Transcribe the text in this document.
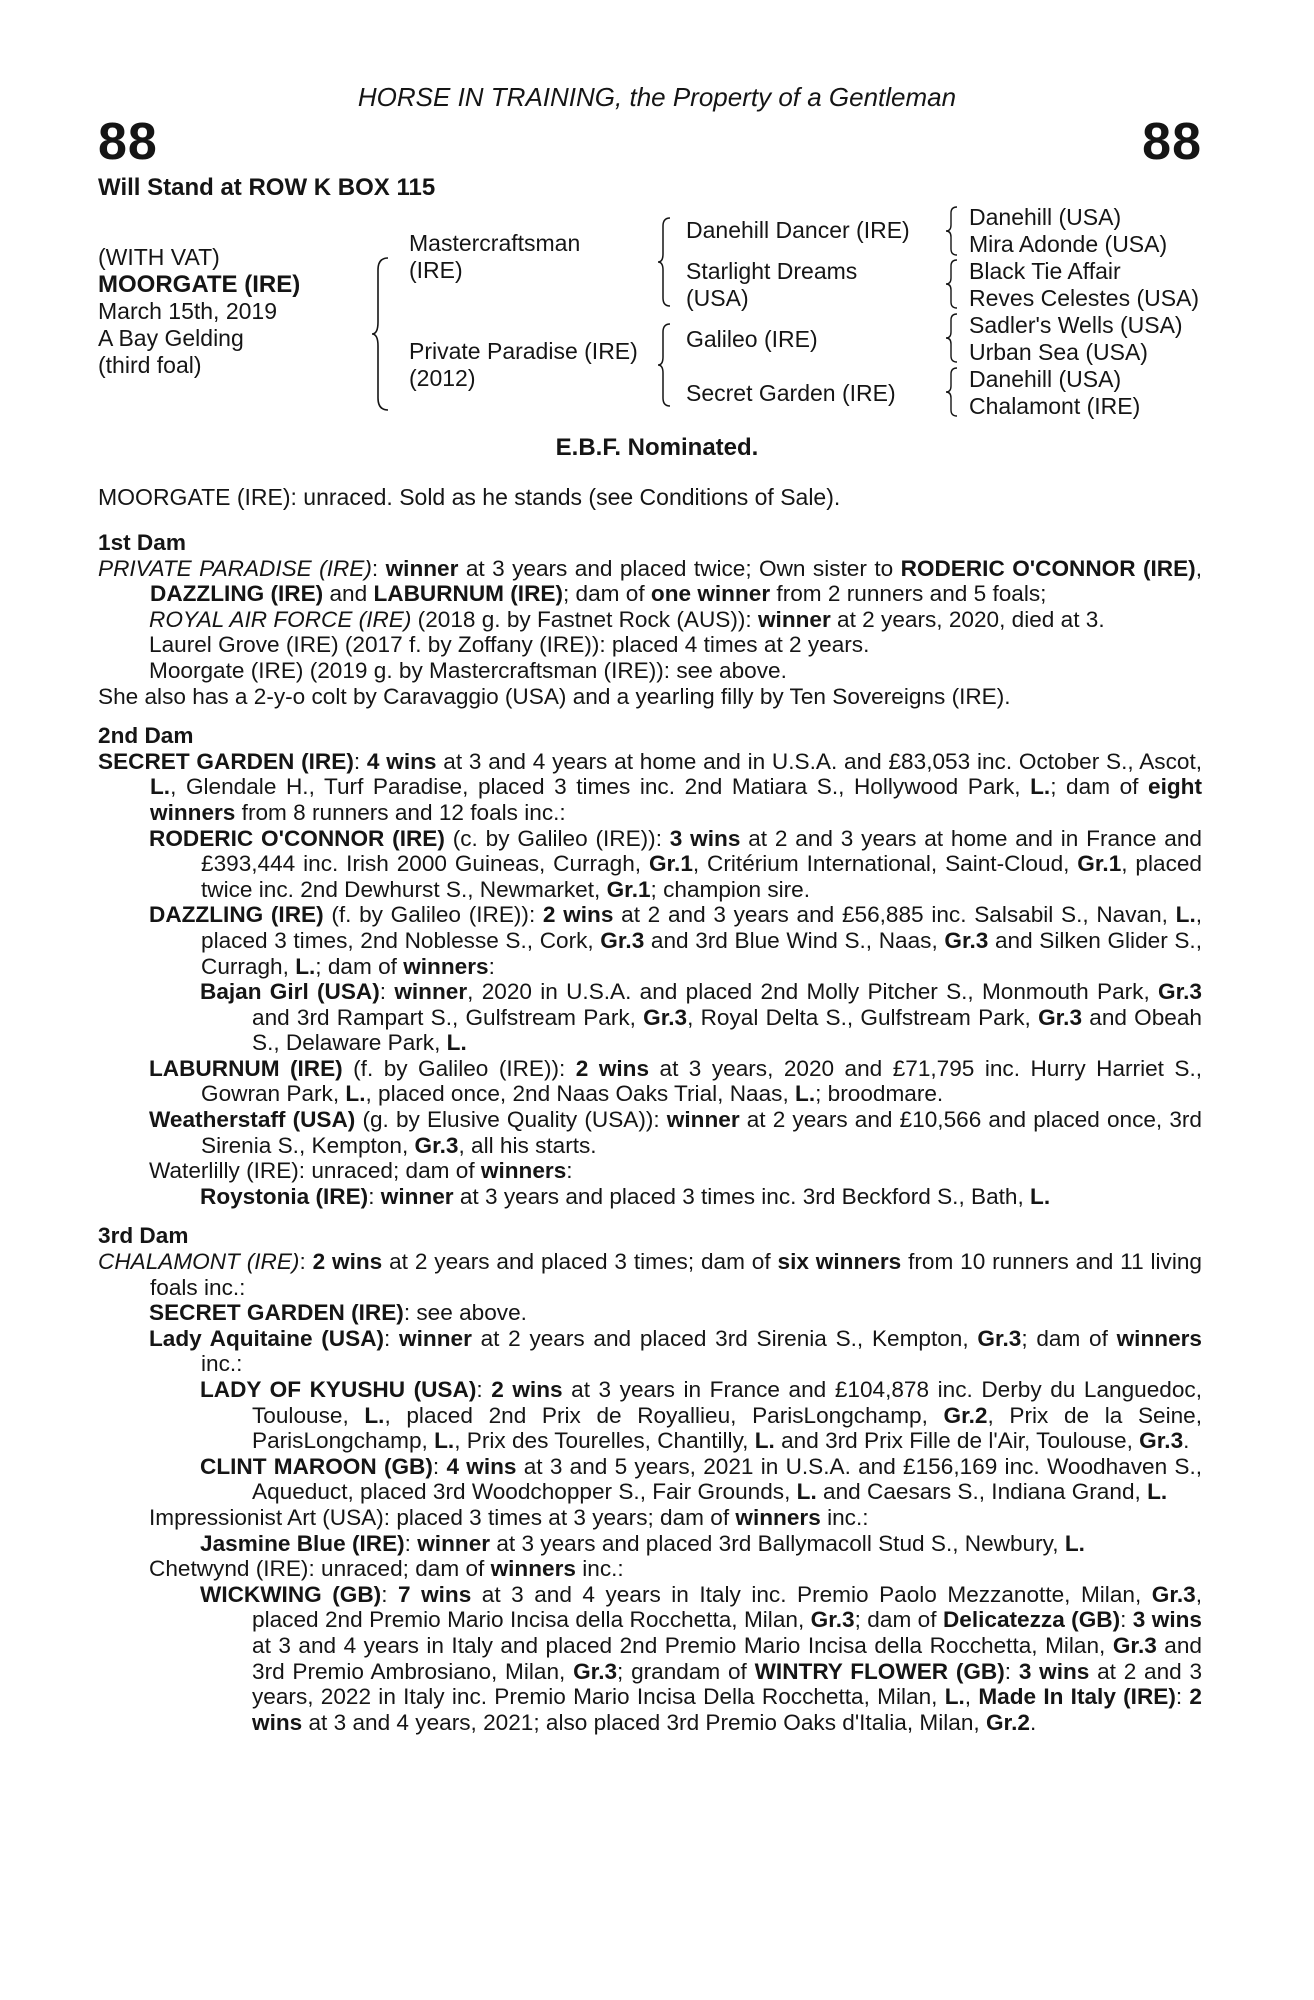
HORSE IN TRAINING, the Property of a Gentleman
88	88
Will Stand at ROW K BOX 115
(WITH VAT)
MOORGATE (IRE)
March 15th, 2019
A Bay Gelding
(third foal)
Mastercraftsman
(IRE)
Private Paradise (IRE)
(2012)
Danehill Dancer (IRE)
Starlight Dreams
(USA)
Galileo (IRE)
Secret Garden (IRE)
Danehill (USA)
Mira Adonde (USA)
Black Tie Affair
Reves Celestes (USA)
Sadler's Wells (USA)
Urban Sea (USA)
Danehill (USA)
Chalamont (IRE)
E.B.F. Nominated.
MOORGATE (IRE): unraced. Sold as he stands (see Conditions of Sale).

1st Dam

PRIVATE PARADISE (IRE): winner at 3 years and placed twice; Own sister to RODERIC O'CONNOR (IRE), DAZZLING (IRE) and LABURNUM (IRE); dam of one winner from 2 runners and 5 foals;

ROYAL AIR FORCE (IRE) (2018 g. by Fastnet Rock (AUS)): winner at 2 years, 2020, died at 3.

Laurel Grove (IRE) (2017 f. by Zoffany (IRE)): placed 4 times at 2 years.

Moorgate (IRE) (2019 g. by Mastercraftsman (IRE)): see above.

She also has a 2-y-o colt by Caravaggio (USA) and a yearling filly by Ten Sovereigns (IRE).

2nd Dam

SECRET GARDEN (IRE): 4 wins at 3 and 4 years at home and in U.S.A. and £83,053 inc. October S., Ascot, L., Glendale H., Turf Paradise, placed 3 times inc. 2nd Matiara S., Hollywood Park, L.; dam of eight winners from 8 runners and 12 foals inc.:

RODERIC O'CONNOR (IRE) (c. by Galileo (IRE)): 3 wins at 2 and 3 years at home and in France and £393,444 inc. Irish 2000 Guineas, Curragh, Gr.1, Critérium International, Saint-Cloud, Gr.1, placed twice inc. 2nd Dewhurst S., Newmarket, Gr.1; champion sire.

DAZZLING (IRE) (f. by Galileo (IRE)): 2 wins at 2 and 3 years and £56,885 inc. Salsabil S., Navan, L., placed 3 times, 2nd Noblesse S., Cork, Gr.3 and 3rd Blue Wind S., Naas, Gr.3 and Silken Glider S., Curragh, L.; dam of winners:

Bajan Girl (USA): winner, 2020 in U.S.A. and placed 2nd Molly Pitcher S., Monmouth Park, Gr.3 and 3rd Rampart S., Gulfstream Park, Gr.3, Royal Delta S., Gulfstream Park, Gr.3 and Obeah S., Delaware Park, L.

LABURNUM (IRE) (f. by Galileo (IRE)): 2 wins at 3 years, 2020 and £71,795 inc. Hurry Harriet S., Gowran Park, L., placed once, 2nd Naas Oaks Trial, Naas, L.; broodmare.

Weatherstaff (USA) (g. by Elusive Quality (USA)): winner at 2 years and £10,566 and placed once, 3rd Sirenia S., Kempton, Gr.3, all his starts.

Waterlilly (IRE): unraced; dam of winners:

Roystonia (IRE): winner at 3 years and placed 3 times inc. 3rd Beckford S., Bath, L.

3rd Dam

CHALAMONT (IRE): 2 wins at 2 years and placed 3 times; dam of six winners from 10 runners and 11 living foals inc.:

SECRET GARDEN (IRE): see above.

Lady Aquitaine (USA): winner at 2 years and placed 3rd Sirenia S., Kempton, Gr.3; dam of winners inc.:

LADY OF KYUSHU (USA): 2 wins at 3 years in France and £104,878 inc. Derby du Languedoc, Toulouse, L., placed 2nd Prix de Royallieu, ParisLongchamp, Gr.2, Prix de la Seine, ParisLongchamp, L., Prix des Tourelles, Chantilly, L. and 3rd Prix Fille de l'Air, Toulouse, Gr.3.

CLINT MAROON (GB): 4 wins at 3 and 5 years, 2021 in U.S.A. and £156,169 inc. Woodhaven S., Aqueduct, placed 3rd Woodchopper S., Fair Grounds, L. and Caesars S., Indiana Grand, L.

Impressionist Art (USA): placed 3 times at 3 years; dam of winners inc.:

Jasmine Blue (IRE): winner at 3 years and placed 3rd Ballymacoll Stud S., Newbury, L.

Chetwynd (IRE): unraced; dam of winners inc.:

WICKWING (GB): 7 wins at 3 and 4 years in Italy inc. Premio Paolo Mezzanotte, Milan, Gr.3, placed 2nd Premio Mario Incisa della Rocchetta, Milan, Gr.3; dam of Delicatezza (GB): 3 wins at 3 and 4 years in Italy and placed 2nd Premio Mario Incisa della Rocchetta, Milan, Gr.3 and 3rd Premio Ambrosiano, Milan, Gr.3; grandam of WINTRY FLOWER (GB): 3 wins at 2 and 3 years, 2022 in Italy inc. Premio Mario Incisa Della Rocchetta, Milan, L., Made In Italy (IRE): 2 wins at 3 and 4 years, 2021; also placed 3rd Premio Oaks d'Italia, Milan, Gr.2.
